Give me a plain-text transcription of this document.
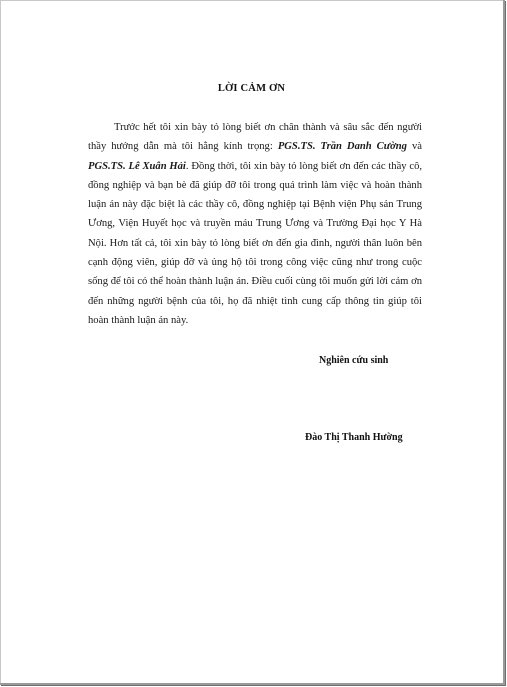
LỜI CẢM ƠN

Trước hết tôi xin bày tỏ lòng biết ơn chân thành và sâu sắc đến người thầy hướng dẫn mà tôi hằng kính trọng: PGS.TS. Trần Danh Cường và PGS.TS. Lê Xuân Hải. Đồng thời, tôi xin bày tỏ lòng biết ơn đến các thầy cô, đồng nghiệp và bạn bè đã giúp đỡ tôi trong quá trình làm việc và hoàn thành luận án này đặc biệt là các thầy cô, đồng nghiệp tại Bệnh viện Phụ sản Trung Ương, Viện Huyết học và truyền máu Trung Ương và Trường Đại học Y Hà Nội. Hơn tất cả, tôi xin bày tỏ lòng biết ơn đến gia đình, người thân luôn bên cạnh động viên, giúp đỡ và ủng hộ tôi trong công việc cũng như trong cuộc sống để tôi có thể hoàn thành luận án. Điều cuối cùng tôi muốn gửi lời cảm ơn đến những người bệnh của tôi, họ đã nhiệt tình cung cấp thông tin giúp tôi hoàn thành luận án này.

Nghiên cứu sinh
Đào Thị Thanh Hường
